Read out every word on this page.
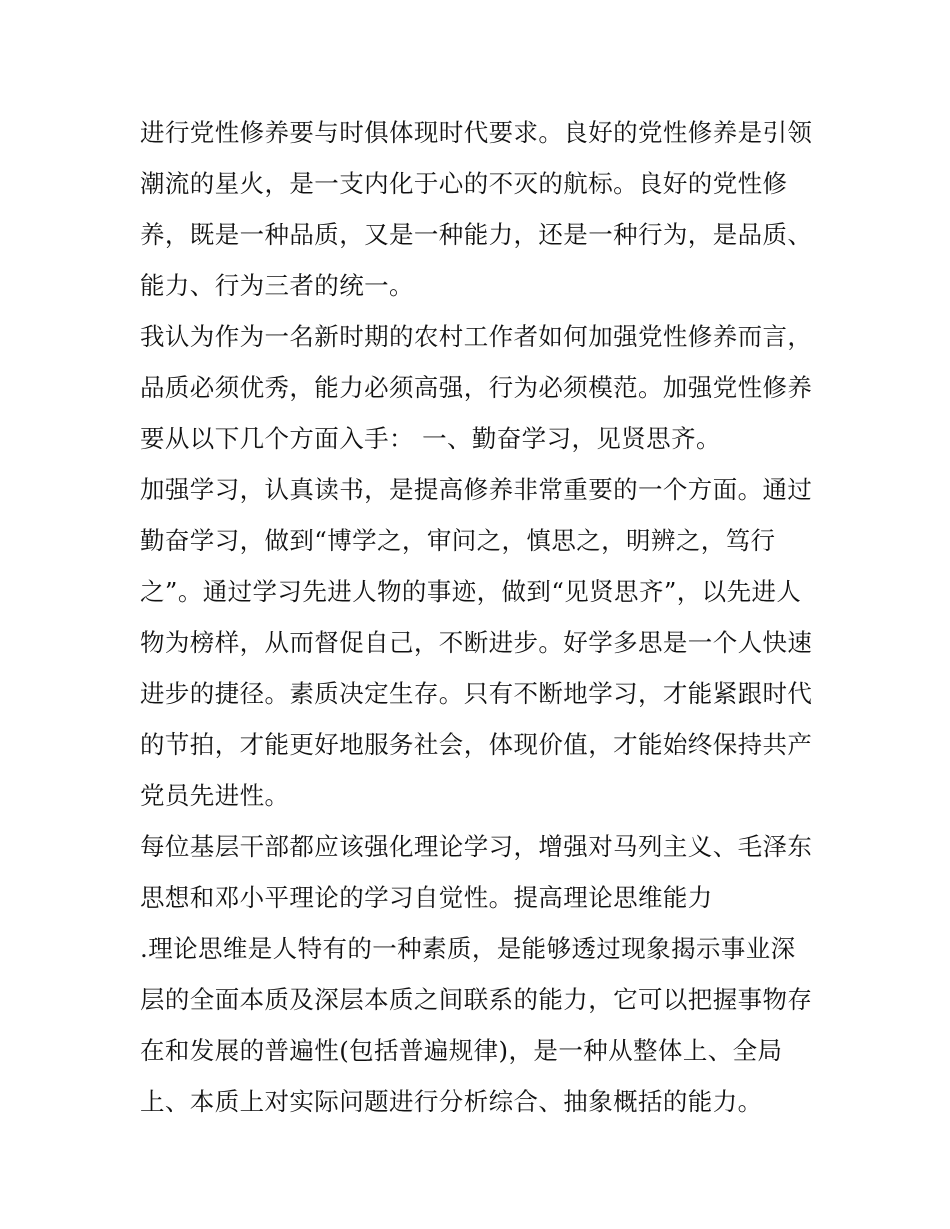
进行党性修养要与时俱体现时代要求。良好的党性修养是引领
潮流的星火，是一支内化于心的不灭的航标。良好的党性修
养，既是一种品质，又是一种能力，还是一种行为，是品质、
能力、行为三者的统一。
我认为作为一名新时期的农村工作者如何加强党性修养而言，
品质必须优秀，能力必须高强，行为必须模范。加强党性修养
要从以下几个方面入手： 一、勤奋学习，见贤思齐。
加强学习，认真读书，是提高修养非常重要的一个方面。通过
勤奋学习，做到“博学之，审问之，慎思之，明辨之，笃行
之”。通过学习先进人物的事迹，做到“见贤思齐”，以先进人
物为榜样，从而督促自己，不断进步。好学多思是一个人快速
进步的捷径。素质决定生存。只有不断地学习，才能紧跟时代
的节拍，才能更好地服务社会，体现价值，才能始终保持共产
党员先进性。
每位基层干部都应该强化理论学习，增强对马列主义、毛泽东
思想和邓小平理论的学习自觉性。提高理论思维能力
.理论思维是人特有的一种素质，是能够透过现象揭示事业深
层的全面本质及深层本质之间联系的能力，它可以把握事物存
在和发展的普遍性(包括普遍规律)，是一种从整体上、全局
上、本质上对实际问题进行分析综合、抽象概括的能力。
